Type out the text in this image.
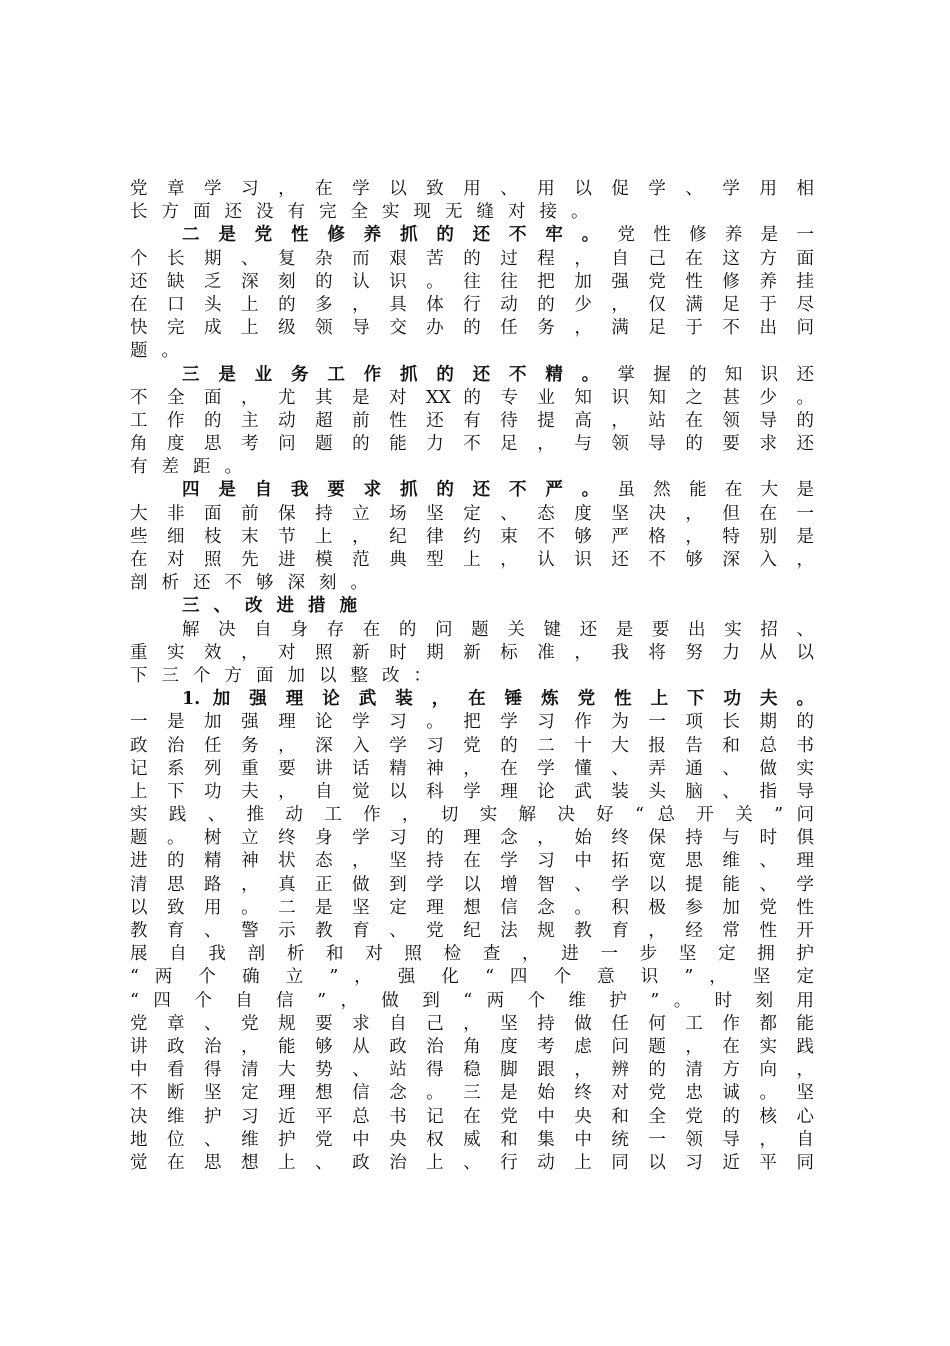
党 章 学 习 ， 在 学 以 致 用 、 用 以 促 学 、 学 用 相
长方面还没有完全实现无缝对接。
二 是 党 性 修 养 抓 的 还 不 牢 。 党 性 修 养 是 一
个 长 期 、 复 杂 而 艰 苦 的 过 程 ， 自 己 在 这 方 面
还 缺 乏 深 刻 的 认 识 。 往 往 把 加 强 党 性 修 养 挂
在 口 头 上 的 多 ， 具 体 行 动 的 少 ， 仅 满 足 于 尽
快 完 成 上 级 领 导 交 办 的 任 务 ， 满 足 于 不 出 问
题。
三 是 业 务 工 作 抓 的 还 不 精 。 掌 握 的 知 识 还
不 全 面 ， 尤 其 是 对 XX 的 专 业 知 识 知 之 甚 少 。
工 作 的 主 动 超 前 性 还 有 待 提 高 ， 站 在 领 导 的
角 度 思 考 问 题 的 能 力 不 足 ， 与 领 导 的 要 求 还
有差距。
四 是 自 我 要 求 抓 的 还 不 严 。 虽 然 能 在 大 是
大 非 面 前 保 持 立 场 坚 定 、 态 度 坚 决 ， 但 在 一
些 细 枝 末 节 上 ， 纪 律 约 束 不 够 严 格 ， 特 别 是
在 对 照 先 进 模 范 典 型 上 ， 认 识 还 不 够 深 入 ，
剖析还不够深刻。
三、改进措施
解 决 自 身 存 在 的 问 题 关 键 还 是 要 出 实 招 、
重 实 效 ， 对 照 新 时 期 新 标 准 ， 我 将 努 力 从 以
下三个方面加以整改：
1. 加 强 理 论 武 装 ， 在 锤 炼 党 性 上 下 功 夫 。
一 是 加 强 理 论 学 习 。 把 学 习 作 为 一 项 长 期 的
政 治 任 务 ， 深 入 学 习 党 的 二 十 大 报 告 和 总 书
记 系 列 重 要 讲 话 精 神 ， 在 学 懂 、 弄 通 、 做 实
上 下 功 夫 ， 自 觉 以 科 学 理 论 武 装 头 脑 、 指 导
实 践 、 推 动 工 作 ， 切 实 解 决 好 “ 总 开 关 ” 问
题 。 树 立 终 身 学 习 的 理 念 ， 始 终 保 持 与 时 俱
进 的 精 神 状 态 ， 坚 持 在 学 习 中 拓 宽 思 维 、 理
清 思 路 ， 真 正 做 到 学 以 增 智 、 学 以 提 能 、 学
以 致 用 。 二 是 坚 定 理 想 信 念 。 积 极 参 加 党 性
教 育 、 警 示 教 育 、 党 纪 法 规 教 育 ， 经 常 性 开
展 自 我 剖 析 和 对 照 检 查 ， 进 一 步 坚 定 拥 护
“ 两 个 确 立 ” ， 强 化 “ 四 个 意 识 ” ， 坚 定
“ 四 个 自 信 ” ， 做 到 “ 两 个 维 护 ” 。 时 刻 用
党 章 、 党 规 要 求 自 己 ， 坚 持 做 任 何 工 作 都 能
讲 政 治 ， 能 够 从 政 治 角 度 考 虑 问 题 ， 在 实 践
中 看 得 清 大 势 、 站 得 稳 脚 跟 ， 辨 的 清 方 向 ，
不 断 坚 定 理 想 信 念 。 三 是 始 终 对 党 忠 诚 。 坚
决 维 护 习 近 平 总 书 记 在 党 中 央 和 全 党 的 核 心
地 位 、 维 护 党 中 央 权 威 和 集 中 统 一 领 导 ， 自
觉 在 思 想 上 、 政 治 上 、 行 动 上 同 以 习 近 平 同
